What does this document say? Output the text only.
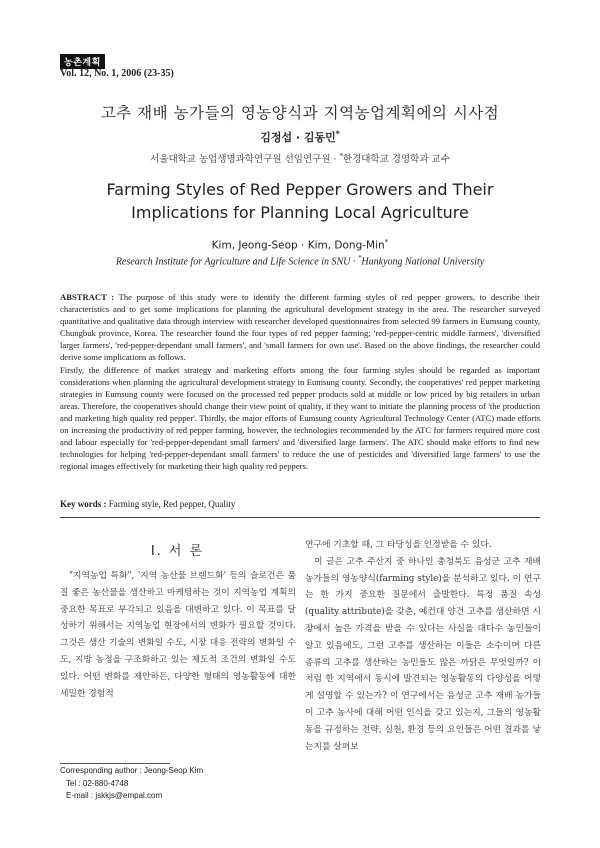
농촌계획
Vol. 12, No. 1, 2006 (23-35)
고추 재배 농가들의 영농양식과 지역농업계획에의 시사점
김정섭 · 김동민*
서울대학교 농업생명과학연구원 선임연구원 · *한경대학교 경영학과 교수
Farming Styles of Red Pepper Growers and Their Implications for Planning Local Agriculture
Kim, Jeong-Seop · Kim, Dong-Min*
Research Institute for Agriculture and Life Science in SNU · *Hankyong National University

ABSTRACT : The purpose of this study were to identify the different farming styles of red pepper growers, to describe their characteristics and to get some implications for planning the agricultural development strategy in the area. The researcher surveyed quantitative and qualitative data through interview with researcher developed questionnaires from selected 99 farmers in Eumsung county, Chungbuk province, Korea. The researcher found the four types of red pepper farming; 'red-pepper-centric middle farmers', 'diversified larger farmers', 'red-pepper-dependant small farmers', and 'small farmers for own use'. Based on the above findings, the researcher could derive some implications as follows.

Firstly, the difference of market strategy and marketing efforts among the four farming styles should be regarded as important considerations when planning the agricultural development strategy in Eumsung county. Secondly, the cooperatives' red pepper marketing strategies in Eumsung county were focused on the processed red pepper products sold at middle or low priced by big retailers in urban areas. Therefore, the cooperatives should change their view point of quality, if they want to initiate the planning process of 'the production and marketing high quality red pepper'. Thirdly, the major efforts of Eumsung county Agricultural Technology Center (ATC) made efforts on increasing the productivity of red pepper farming, however, the technologies recommended by the ATC for farmers required more cost and labour especially for 'red-pepper-dependant small farmers' and 'diversified large farmers'. The ATC should make efforts to find new technologies for helping 'red-pepper-dependant small farmers' to reduce the use of pesticides and 'diversified large farmers' to use the regional images effectively for marketing their high quality red peppers.

Key words : Farming style, Red pepper, Quality
Ⅰ. 서 론

"지역농업 특화", '지역 농산물 브랜드화' 등의 슬로건은 품질 좋은 농산물을 생산하고 마케팅하는 것이 지역농업 계획의 중요한 목표로 부각되고 있음을 대변하고 있다. 이 목표를 달성하기 위해서는 지역농업 현장에서의 변화가 필요할 것이다. 그것은 생산 기술의 변화일 수도, 시장 대응 전략의 변화일 수도, 지방 농정을 구조화하고 있는 제도적 조건의 변화일 수도 있다. 어떤 변화를 제안하든, 다양한 형태의 영농활동에 대한 세밀한 경험적

연구에 기초할 때, 그 타당성을 인정받을 수 있다.

이 글은 고추 주산지 중 하나인 충청북도 음성군 고추 재배 농가들의 영농양식(farming style)을 분석하고 있다. 이 연구는 한 가지 중요한 질문에서 출발한다. 특정 품질 속성(quality attribute)을 갖춘, 예컨대 양건 고추를 생산하면 시장에서 높은 가격을 받을 수 있다는 사실을 대다수 농민들이 알고 있음에도, 그런 고추를 생산하는 이들은 소수이며 다른 종류의 고추를 생산하는 농민들도 많은 까닭은 무엇일까? 이처럼 한 지역에서 동시에 발견되는 영농활동의 다양성을 어떻게 설명할 수 있는가? 이 연구에서는 음성군 고추 재배 농가들이 고추 농사에 대해 어떤 인식을 갖고 있는지, 그들의 영농활동을 규정하는 전략, 실천, 환경 등의 요인들은 어떤 결과를 낳는지를 살펴보

Corresponding author : Jeong-Seop Kim
Tel : 02-880-4748
E-mail : jskkjs@empal.com
